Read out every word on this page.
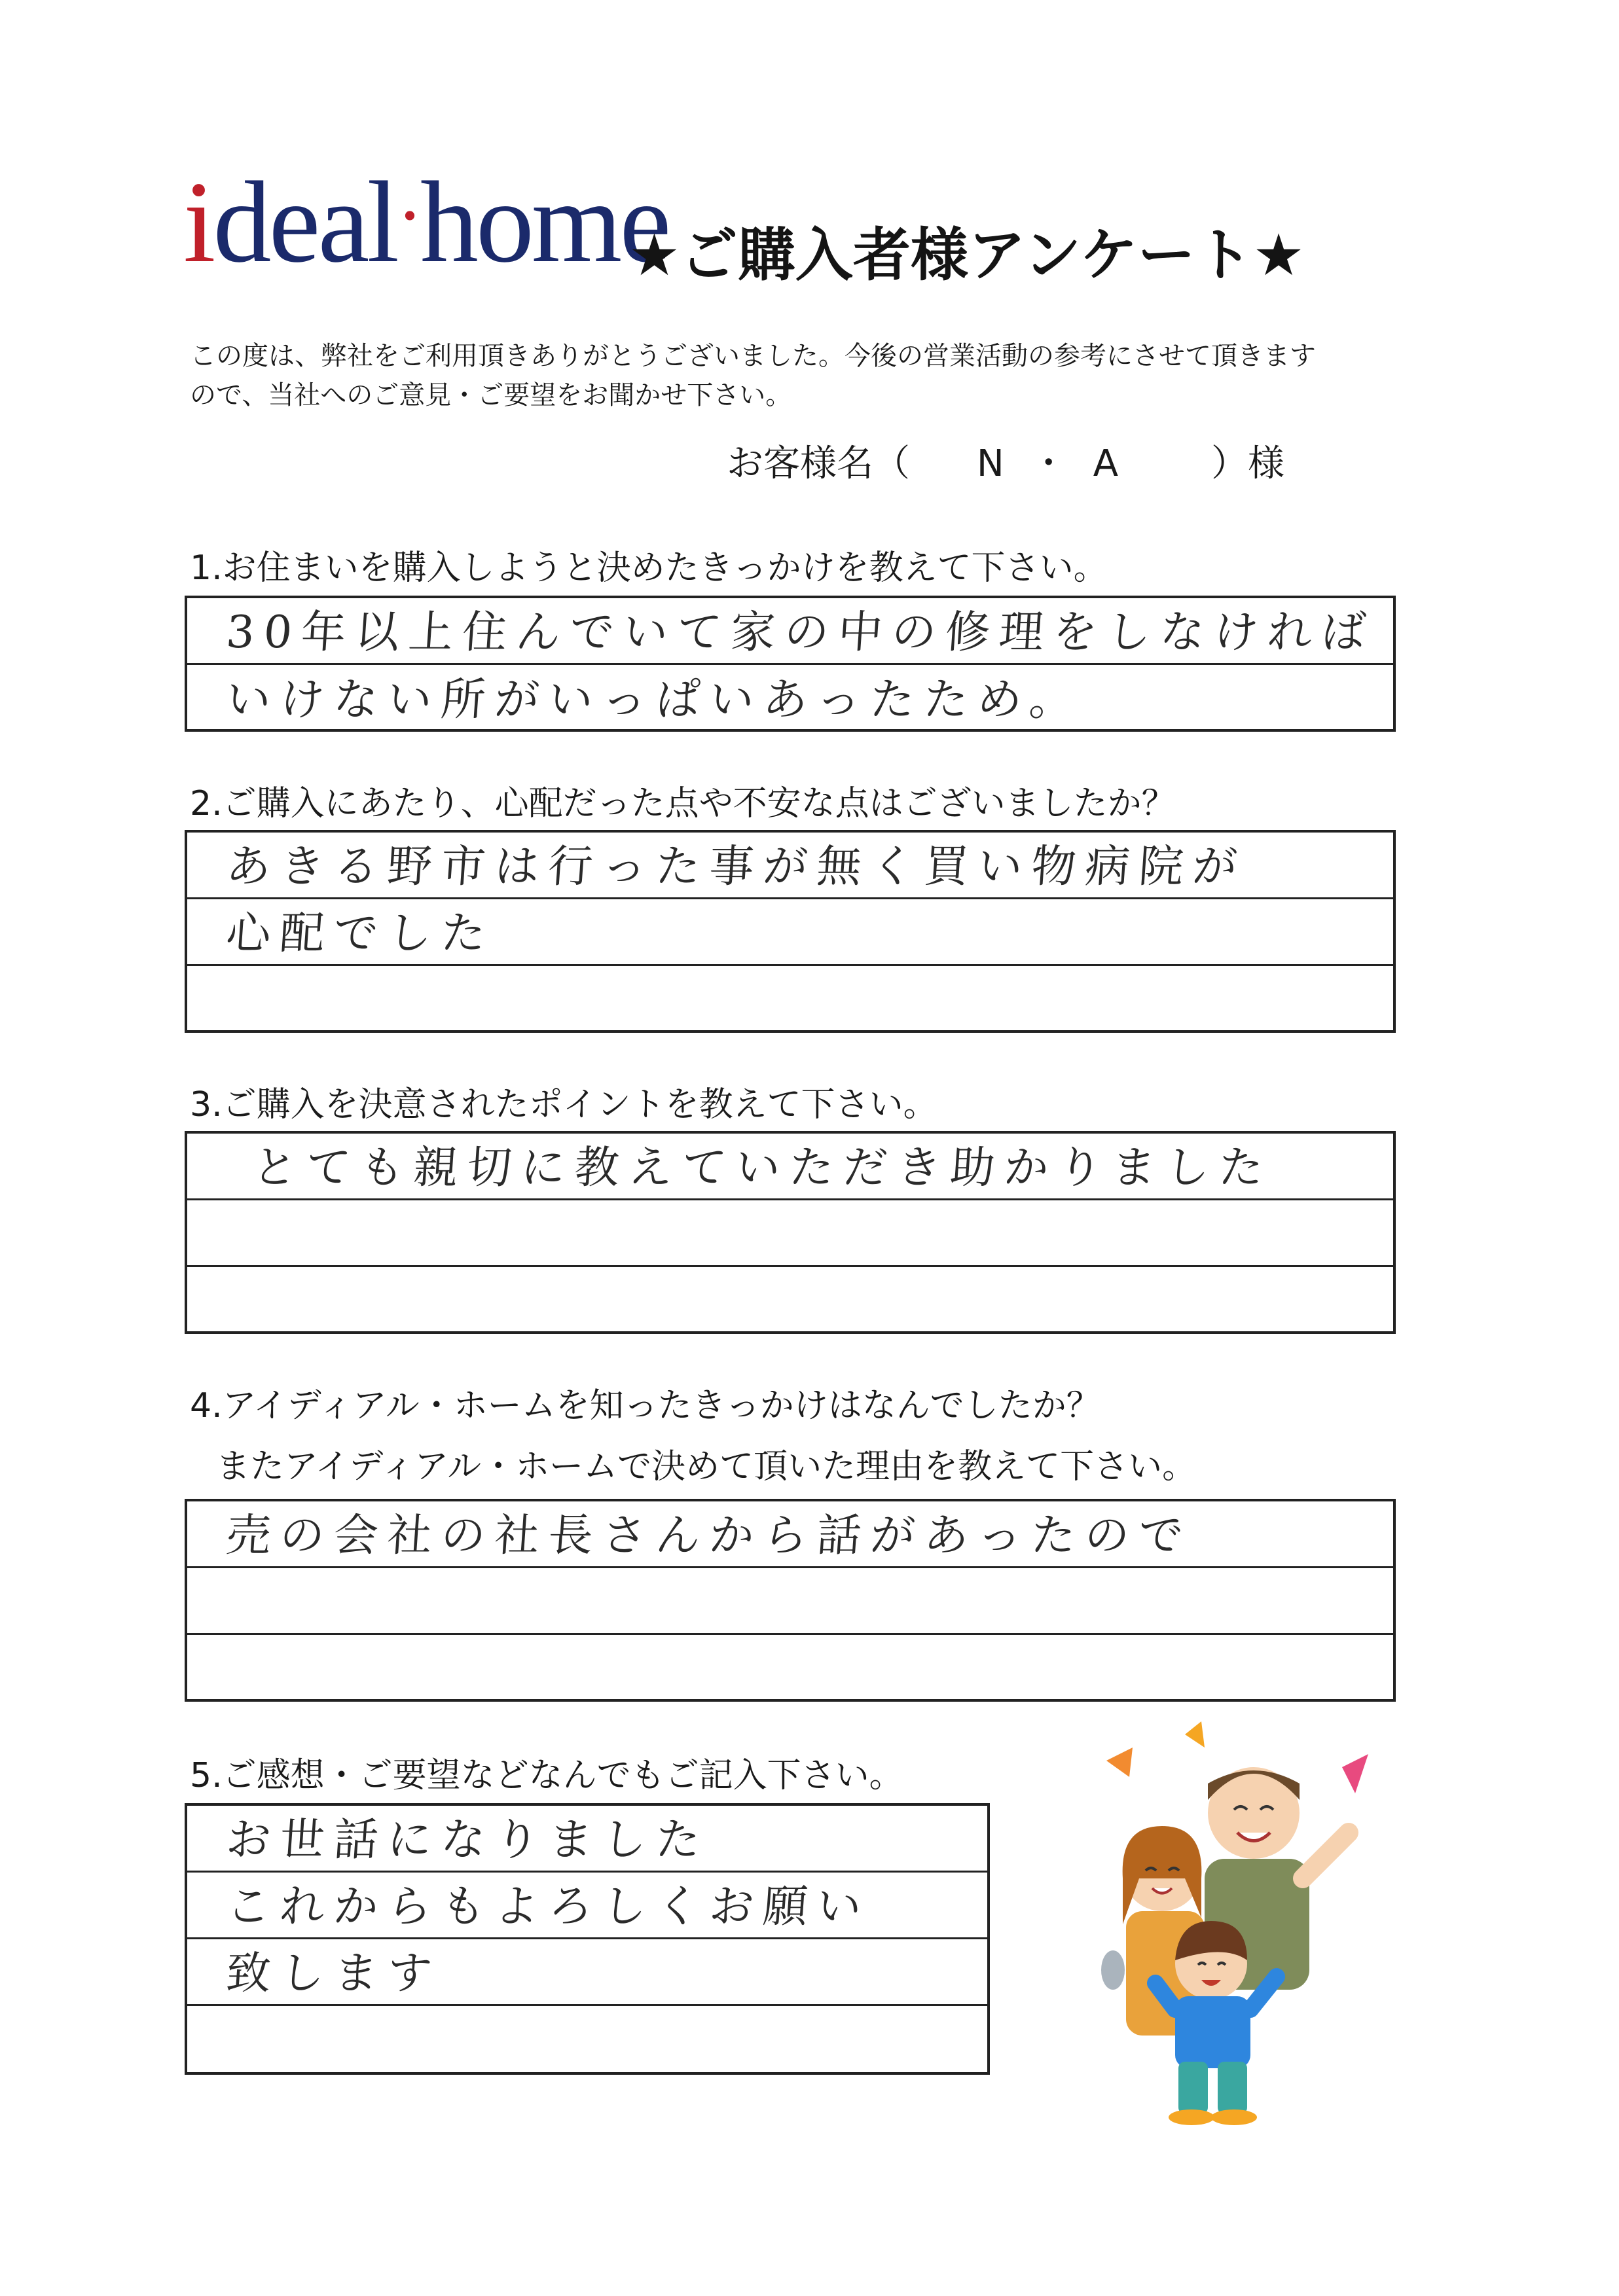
ideal·home
★ご購入者様アンケート★
この度は、弊社をご利用頂きありがとうございました。今後の営業活動の参考にさせて頂きますので、当社へのご意見・ご要望をお聞かせ下さい。
お客様名（ N・A ）様
1.お住まいを購入しようと決めたきっかけを教えて下さい。
30年以上住んでいて家の中の修理をしなければ
いけない所がいっぱいあったため。
2.ご購入にあたり、心配だった点や不安な点はございましたか？
あきる野市は行った事が無く買い物病院が
心配でした
3.ご購入を決意されたポイントを教えて下さい。
とても親切に教えていただき助かりました
4.アイディアル・ホームを知ったきっかけはなんでしたか？
またアイディアル・ホームで決めて頂いた理由を教えて下さい。
売の会社の社長さんから話があったので
5.ご感想・ご要望などなんでもご記入下さい。
お世話になりました
これからもよろしくお願い
致します
